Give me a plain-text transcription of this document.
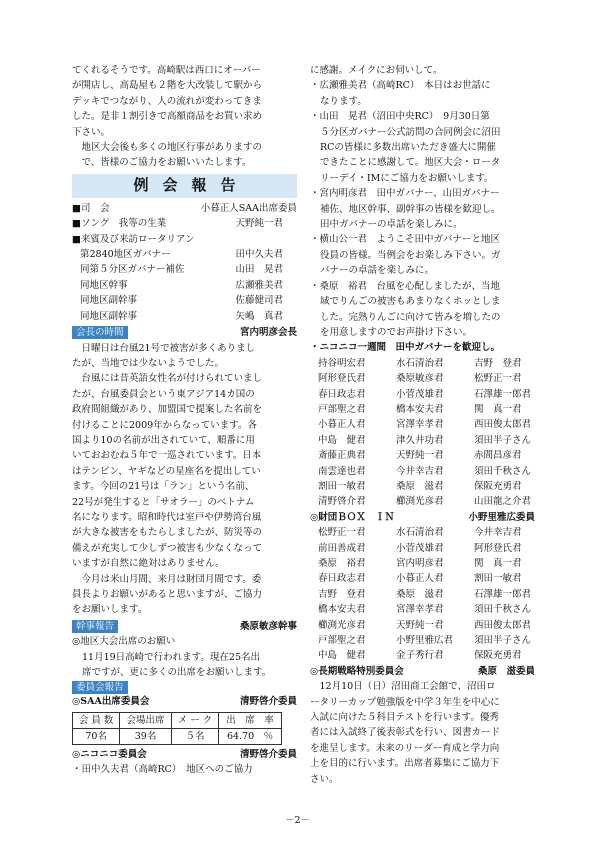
てくれるそうです。高崎駅は西口にオーパー

が開店し、高島屋も２階を大改装して駅から

デッキでつながり、人の流れが変わってきま

した。是非１割引きで高額商品をお買い求め

下さい。

地区大会後も多くの地区行事がありますの

で、皆様のご協力をお願いいたします。

例会報告
■司　会	小暮正人SAA出席委員
■ソング　我等の生業	天野純一君
■来賓及び来訪ロータリアン
第2840地区ガバナー	田中久夫君
同第５分区ガバナー補佐	山田　晃君
同地区幹事	広瀬雅美君
同地区副幹事	佐藤健司君
同地区副幹事	矢嶋　真君
会長の時間	宮内明彦会長

日曜日は台風21号で被害が多くありまし
たが、当地では少ないようでした。

台風には昔英語女性名が付けられていまし
たが、台風委員会という東アジア14カ国の
政府間組織があり、加盟国で提案した名前を
付けることに2009年からなっています。各
国より10の名前が出されていて、順番に用
いておおむね５年で一巡されています。日本
はテンビン、ヤギなどの星座名を提出してい
ます。今回の21号は「ラン」という名前、
22号が発生すると「サオラー」のベトナム
名になります。昭和時代は室戸や伊勢湾台風
が大きな被害をもたらしましたが、防災等の
備えが充実して少しずつ被害も少なくなって
いますが自然に絶対はありません。

今月は米山月間、来月は財団月間です。委
員長よりお願いがあると思いますが、ご協力
をお願いします。

幹事報告	桑原敏彦幹事

◎地区大会出席のお願い

11月19日高崎で行われます。現在25名出
席ですが、更に多くの出席をお願いします。

委員会報告
◎SAA出席委員会	清野啓介委員
会 員 数	会場出席	メ ー ク	出　席　率
70名	39名	５名	64.70　％
◎ニコニコ委員会	清野啓介委員

・田中久夫君（高崎RC）　地区へのご協力

に感謝。メイクにお伺いして。

・広瀬雅美君（高崎RC）　本日はお世話に
なります。

・山田　晃君（沼田中央RC）　9月30日第
５分区ガバナー公式訪問の合同例会に沼田
RCの皆様に多数出席いただき盛大に開催
できたことに感謝して。地区大会・ロータ
リーデイ・IMにご協力をお願いします。

・宮内明彦君　田中ガバナー、山田ガバナー
補佐、地区幹事、副幹事の皆様を歓迎し。
田中ガバナーの卓話を楽しみに。

・横山公一君　ようこそ田中ガバナーと地区
役員の皆様。当例会をお楽しみ下さい。ガ
バナーの卓話を楽しみに。

・桑原　裕君　台風を心配しましたが、当地
域でりんごの被害もあまりなくホッとしま
した。完熟りんごに向けて皆みを増したの
を用意しますのでお声掛け下さい。

・ニコニコ一週間　田中ガバナーを歓迎し。

持谷明宏君	水石清治君	吉野　登君
阿形登氏君	桑原敏彦君	松野正一君
春日政志君	小菅茂雄君	石澤雄一郎君
戸部聖之君	橋本安夫君	関　真一君
小暮正人君	宮澤幸孝君	西田俊太郎君
中島　健君	津久井功君	須田半子さん
斎藤正典君	天野純一君	赤間昌彦君
南雲達也君	今井幸吉君	須田千秋さん
割田一敏君	桑原　滋君	保阪充勇君
清野啓介君	櫛渕光彦君	山田龍之介君
◎財団ＢＯＸ　ＩＮ	小野里雅広委員
松野正一君	水石清治君	今井幸吉君
前田善成君	小菅茂雄君	阿形登氏君
桑原　裕君	宮内明彦君	関　真一君
春日政志君	小暮正人君	割田一敏君
吉野　登君	桑原　滋君	石澤雄一郎君
橋本安夫君	宮澤幸孝君	須田千秋さん
櫛渕光彦君	天野純一君	西田俊太郎君
戸部聖之君	小野里雅広君	須田半子さん
中島　健君	金子秀行君	保阪充勇君
◎長期戦略特別委員会	桑原　滋委員

12月10日（日）沼田商工会館で、沼田ロ
ータリーカップ勉強版を中学３年生を中心に
入試に向けた５科目テストを行います。優秀
者には入試終了後表彰式を行い、図書カード
を進呈します。未来のリーダー育成と学力向
上を目的に行います。出席者募集にご協力下
さい。

－2－
